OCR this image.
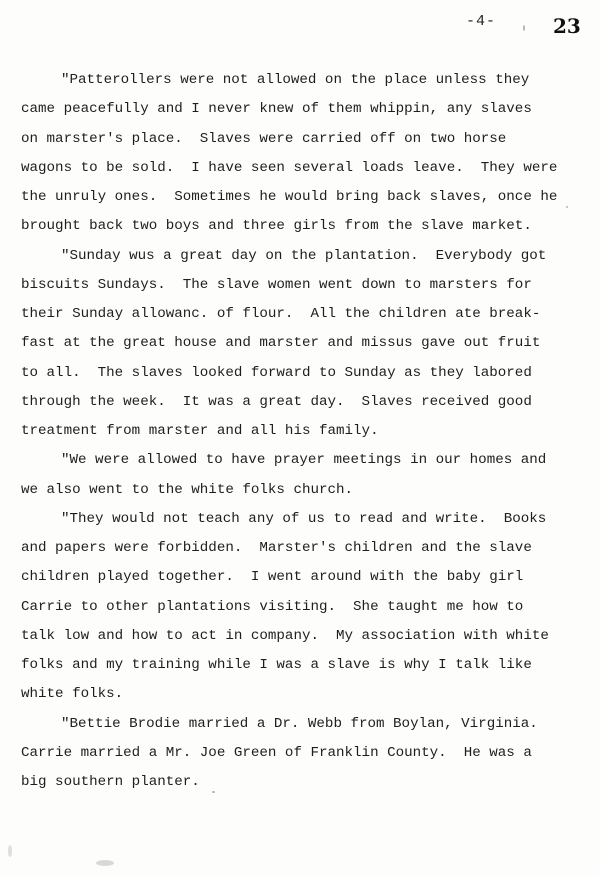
-4-	23
"Patterollers were not allowed on the place unless they
came peacefully and I never knew of them whippin, any slaves
on marster's place.  Slaves were carried off on two horse
wagons to be sold.  I have seen several loads leave.  They were
the unruly ones.  Sometimes he would bring back slaves, once he
brought back two boys and three girls from the slave market.
"Sunday wus a great day on the plantation.  Everybody got
biscuits Sundays.  The slave women went down to marsters for
their Sunday allowanc. of flour.  All the children ate break-
fast at the great house and marster and missus gave out fruit
to all.  The slaves looked forward to Sunday as they labored
through the week.  It was a great day.  Slaves received good
treatment from marster and all his family.
"We were allowed to have prayer meetings in our homes and
we also went to the white folks church.
"They would not teach any of us to read and write.  Books
and papers were forbidden.  Marster's children and the slave
children played together.  I went around with the baby girl
Carrie to other plantations visiting.  She taught me how to
talk low and how to act in company.  My association with white
folks and my training while I was a slave is why I talk like
white folks.
"Bettie Brodie married a Dr. Webb from Boylan, Virginia.
Carrie married a Mr. Joe Green of Franklin County.  He was a
big southern planter.
